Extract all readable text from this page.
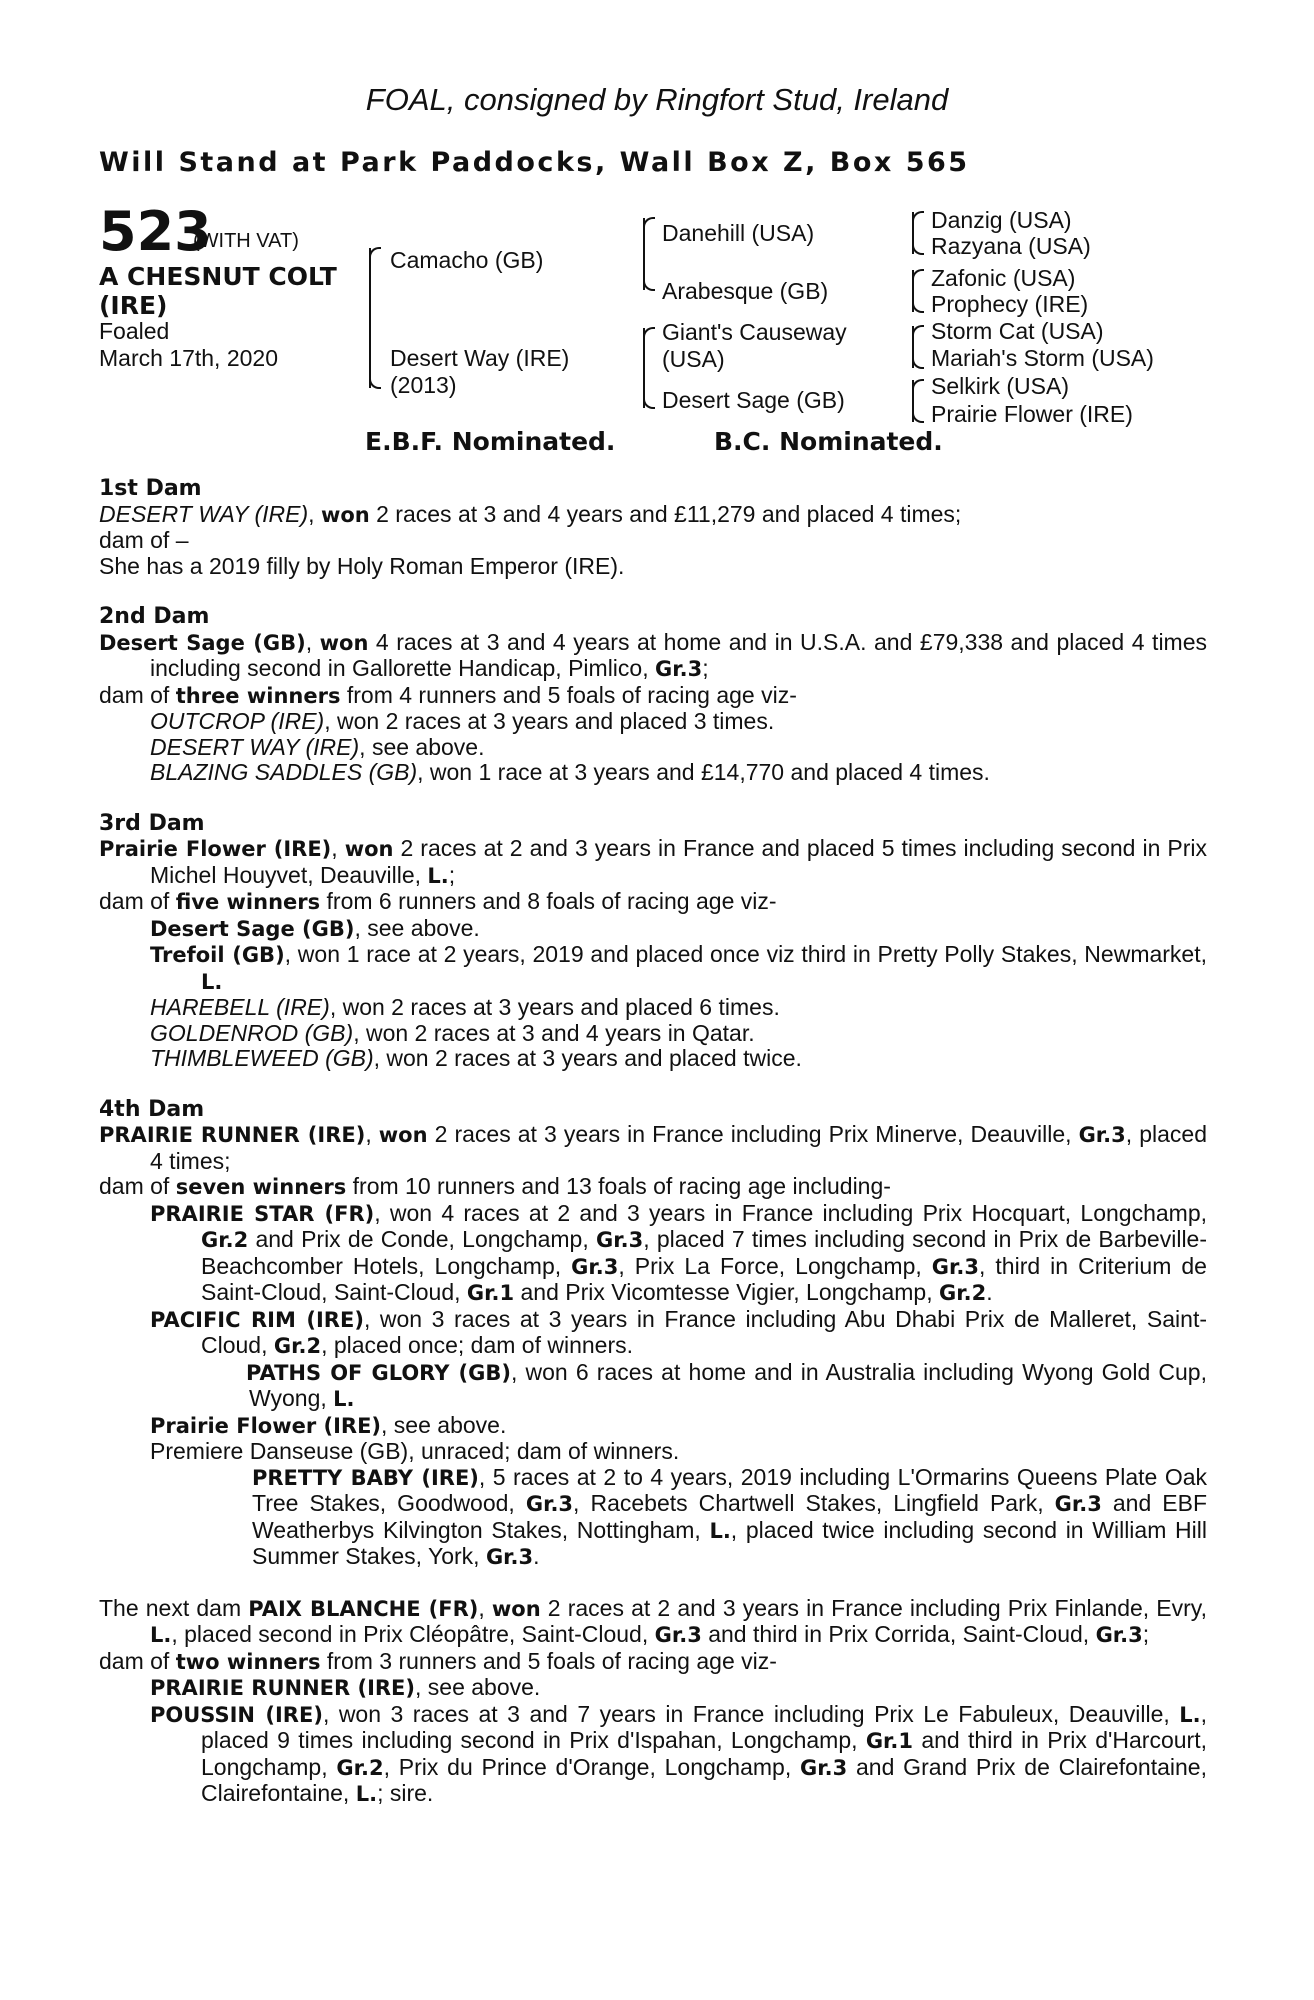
FOAL, consigned by Ringfort Stud, Ireland
Will Stand at Park Paddocks, Wall Box Z, Box 565
523
(WITH VAT)
A CHESNUT COLT
(IRE)
Foaled
March 17th, 2020
Camacho (GB)
Desert Way (IRE)
(2013)
Danehill (USA)
Arabesque (GB)
Giant's Causeway
(USA)
Desert Sage (GB)
Danzig (USA)
Razyana (USA)
Zafonic (USA)
Prophecy (IRE)
Storm Cat (USA)
Mariah's Storm (USA)
Selkirk (USA)
Prairie Flower (IRE)
E.B.F. Nominated.	B.C. Nominated.

1st Dam

DESERT WAY (IRE), won 2 races at 3 and 4 years and £11,279 and placed 4 times;

dam of –

She has a 2019 filly by Holy Roman Emperor (IRE).

2nd Dam

Desert Sage (GB), won 4 races at 3 and 4 years at home and in U.S.A. and £79,338 and placed 4 times including second in Gallorette Handicap, Pimlico, Gr.3;

dam of three winners from 4 runners and 5 foals of racing age viz-

OUTCROP (IRE), won 2 races at 3 years and placed 3 times.

DESERT WAY (IRE), see above.

BLAZING SADDLES (GB), won 1 race at 3 years and £14,770 and placed 4 times.

3rd Dam

Prairie Flower (IRE), won 2 races at 2 and 3 years in France and placed 5 times including second in Prix Michel Houyvet, Deauville, L.;

dam of five winners from 6 runners and 8 foals of racing age viz-

Desert Sage (GB), see above.

Trefoil (GB), won 1 race at 2 years, 2019 and placed once viz third in Pretty Polly Stakes, Newmarket, L.

HAREBELL (IRE), won 2 races at 3 years and placed 6 times.

GOLDENROD (GB), won 2 races at 3 and 4 years in Qatar.

THIMBLEWEED (GB), won 2 races at 3 years and placed twice.

4th Dam

PRAIRIE RUNNER (IRE), won 2 races at 3 years in France including Prix Minerve, Deauville, Gr.3, placed 4 times;

dam of seven winners from 10 runners and 13 foals of racing age including-

PRAIRIE STAR (FR), won 4 races at 2 and 3 years in France including Prix Hocquart, Longchamp, Gr.2 and Prix de Conde, Longchamp, Gr.3, placed 7 times including second in Prix de Barbeville-Beachcomber Hotels, Longchamp, Gr.3, Prix La Force, Longchamp, Gr.3, third in Criterium de Saint-Cloud, Saint-Cloud, Gr.1 and Prix Vicomtesse Vigier, Longchamp, Gr.2.

PACIFIC RIM (IRE), won 3 races at 3 years in France including Abu Dhabi Prix de Malleret, Saint-Cloud, Gr.2, placed once; dam of winners.

PATHS OF GLORY (GB), won 6 races at home and in Australia including Wyong Gold Cup, Wyong, L.

Prairie Flower (IRE), see above.

Premiere Danseuse (GB), unraced; dam of winners.

PRETTY BABY (IRE), 5 races at 2 to 4 years, 2019 including L'Ormarins Queens Plate Oak Tree Stakes, Goodwood, Gr.3, Racebets Chartwell Stakes, Lingfield Park, Gr.3 and EBF Weatherbys Kilvington Stakes, Nottingham, L., placed twice including second in William Hill Summer Stakes, York, Gr.3.

The next dam PAIX BLANCHE (FR), won 2 races at 2 and 3 years in France including Prix Finlande, Evry, L., placed second in Prix Cléopâtre, Saint-Cloud, Gr.3 and third in Prix Corrida, Saint-Cloud, Gr.3;

dam of two winners from 3 runners and 5 foals of racing age viz-

PRAIRIE RUNNER (IRE), see above.

POUSSIN (IRE), won 3 races at 3 and 7 years in France including Prix Le Fabuleux, Deauville, L., placed 9 times including second in Prix d'Ispahan, Longchamp, Gr.1 and third in Prix d'Harcourt, Longchamp, Gr.2, Prix du Prince d'Orange, Longchamp, Gr.3 and Grand Prix de Clairefontaine, Clairefontaine, L.; sire.
